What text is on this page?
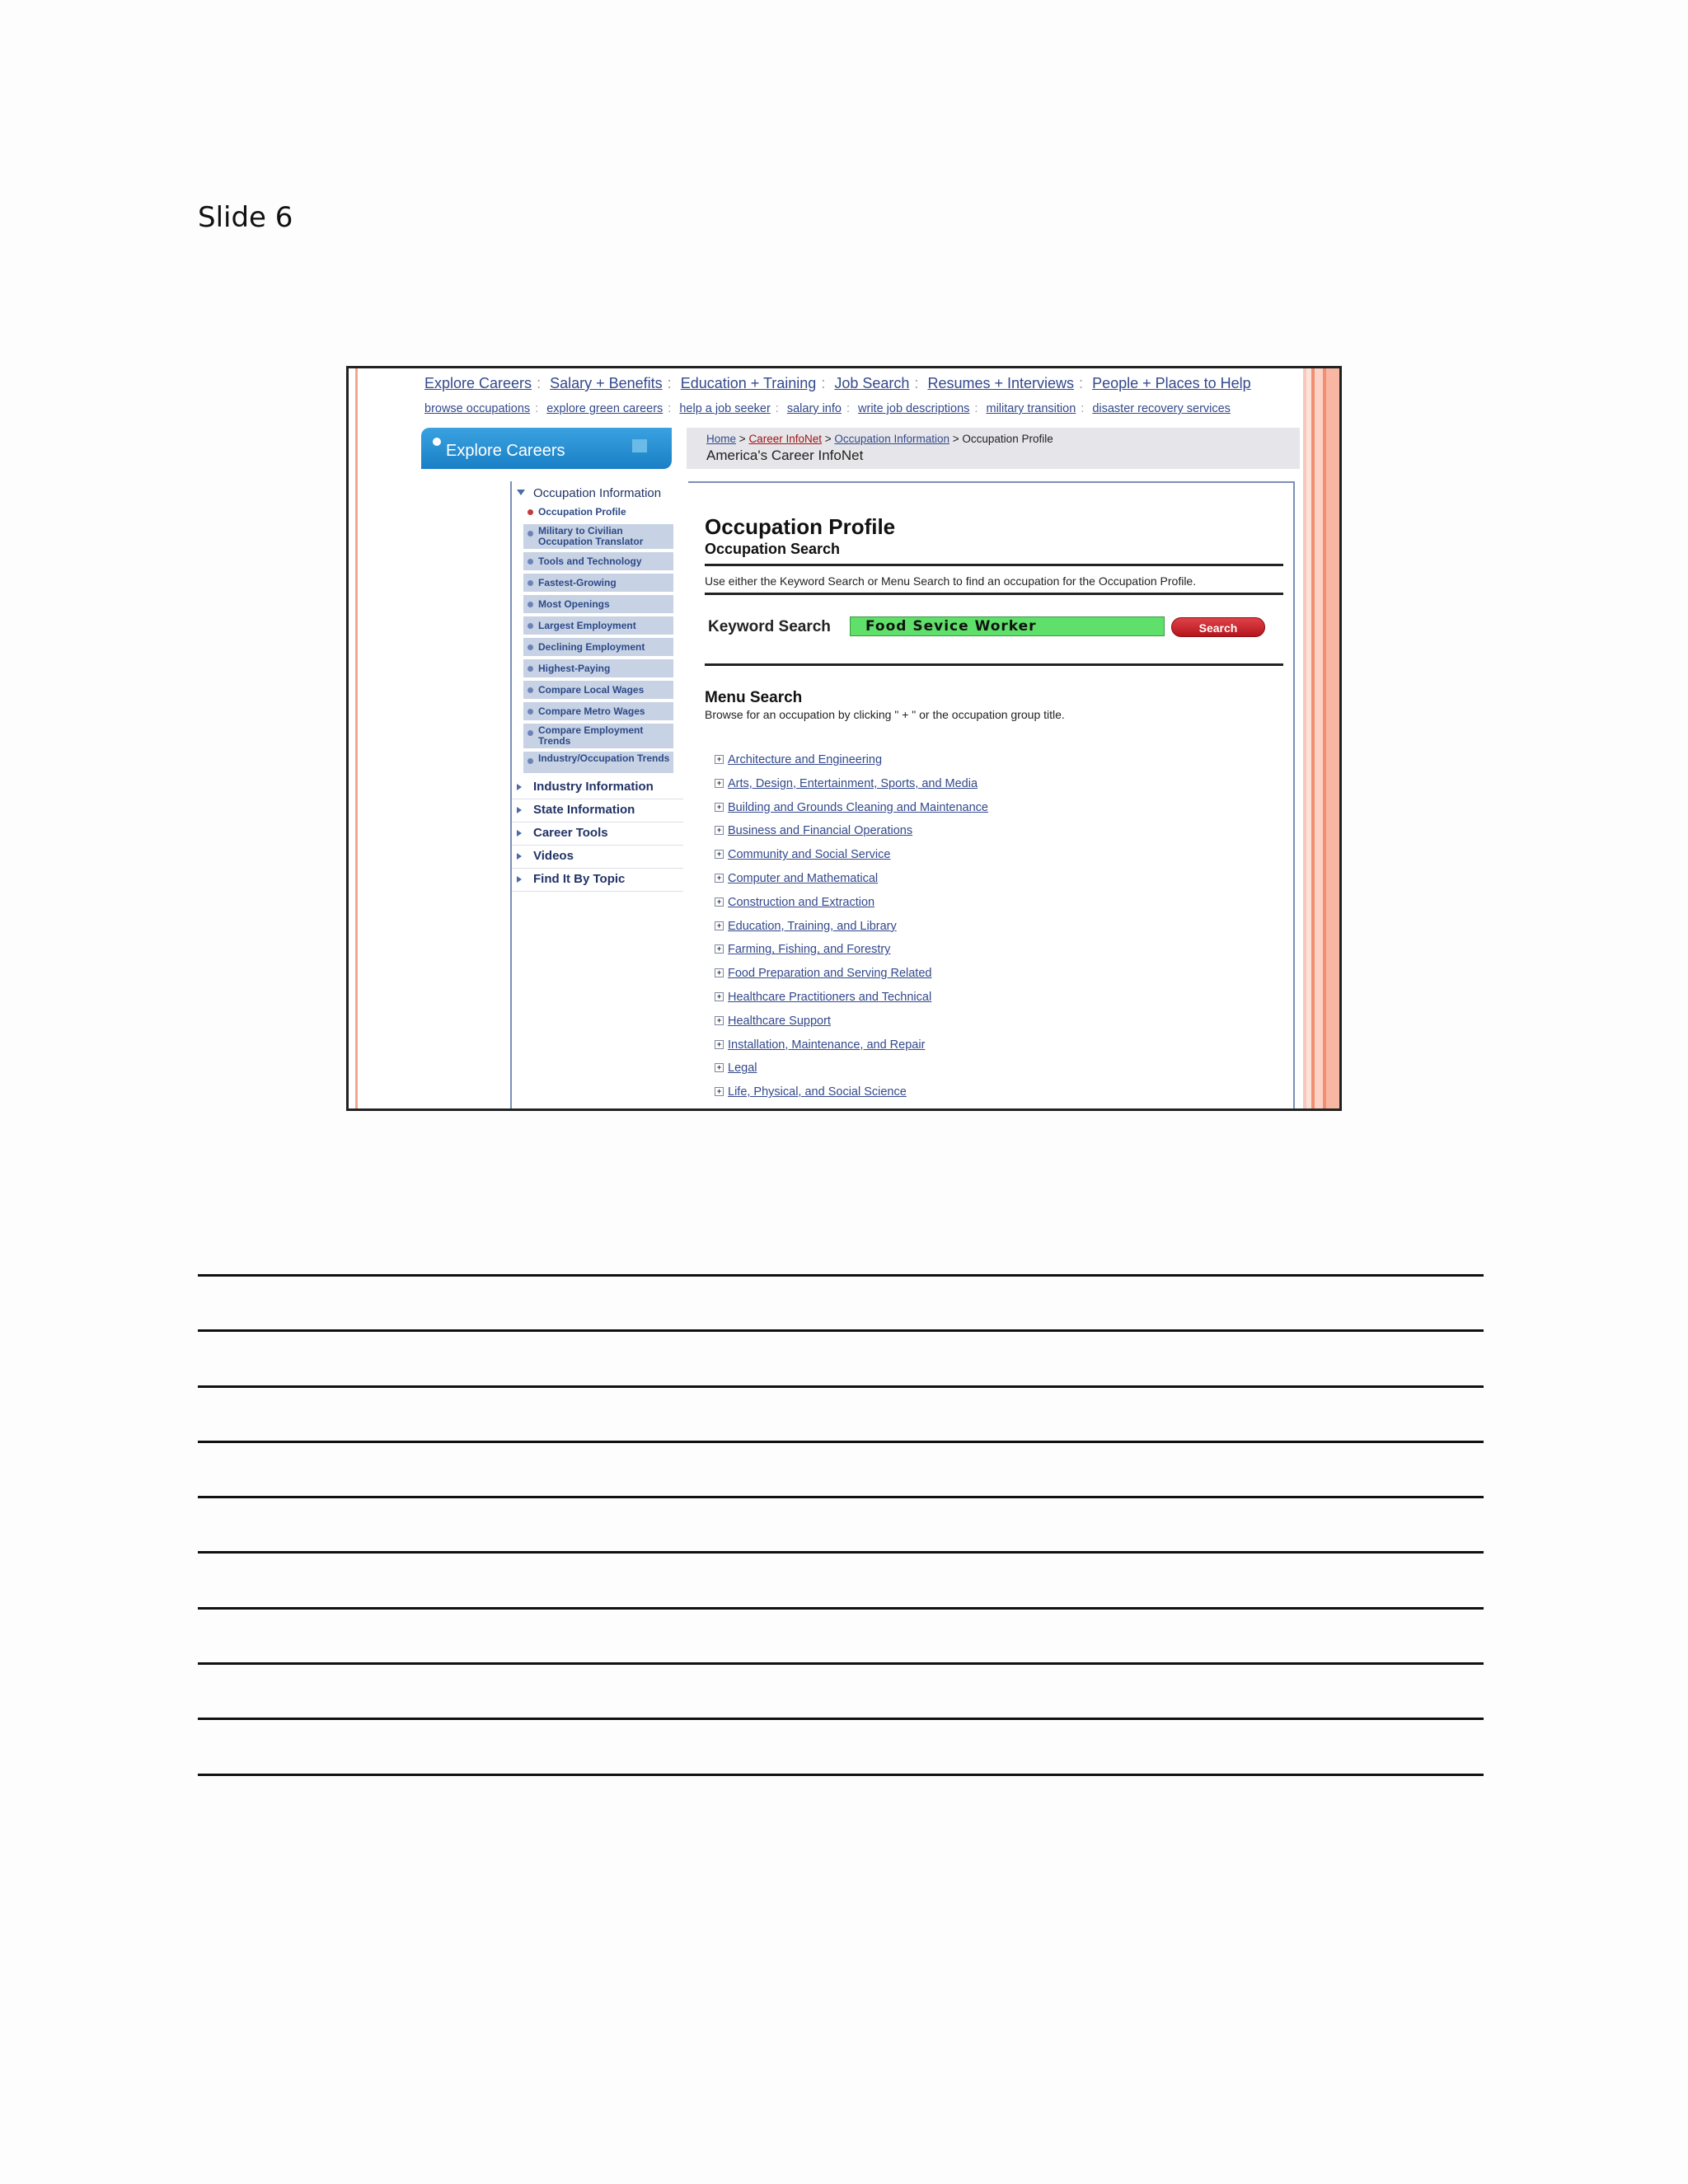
Slide 6
Explore Careers : Salary + Benefits : Education + Training : Job Search : Resumes + Interviews : People + Places to Help
browse occupations : explore green careers : help a job seeker : salary info : write job descriptions : military transition : disaster recovery services
Explore Careers
Home > Career InfoNet > Occupation Information > Occupation Profile
America's Career InfoNet
Occupation Information
Occupation Profile
Military to Civilian Occupation Translator
Tools and Technology
Fastest-Growing
Most Openings
Largest Employment
Declining Employment
Highest-Paying
Compare Local Wages
Compare Metro Wages
Compare Employment Trends
Industry/Occupation Trends
Industry Information
State Information
Career Tools
Videos
Find It By Topic
Occupation Profile
Occupation Search
Use either the Keyword Search or Menu Search to find an occupation for the Occupation Profile.
Keyword Search	Food Sevice Worker	Search
Menu Search
Browse for an occupation by clicking " + " or the occupation group title.
+ Architecture and Engineering
+ Arts, Design, Entertainment, Sports, and Media
+ Building and Grounds Cleaning and Maintenance
+ Business and Financial Operations
+ Community and Social Service
+ Computer and Mathematical
+ Construction and Extraction
+ Education, Training, and Library
+ Farming, Fishing, and Forestry
+ Food Preparation and Serving Related
+ Healthcare Practitioners and Technical
+ Healthcare Support
+ Installation, Maintenance, and Repair
+ Legal
+ Life, Physical, and Social Science
